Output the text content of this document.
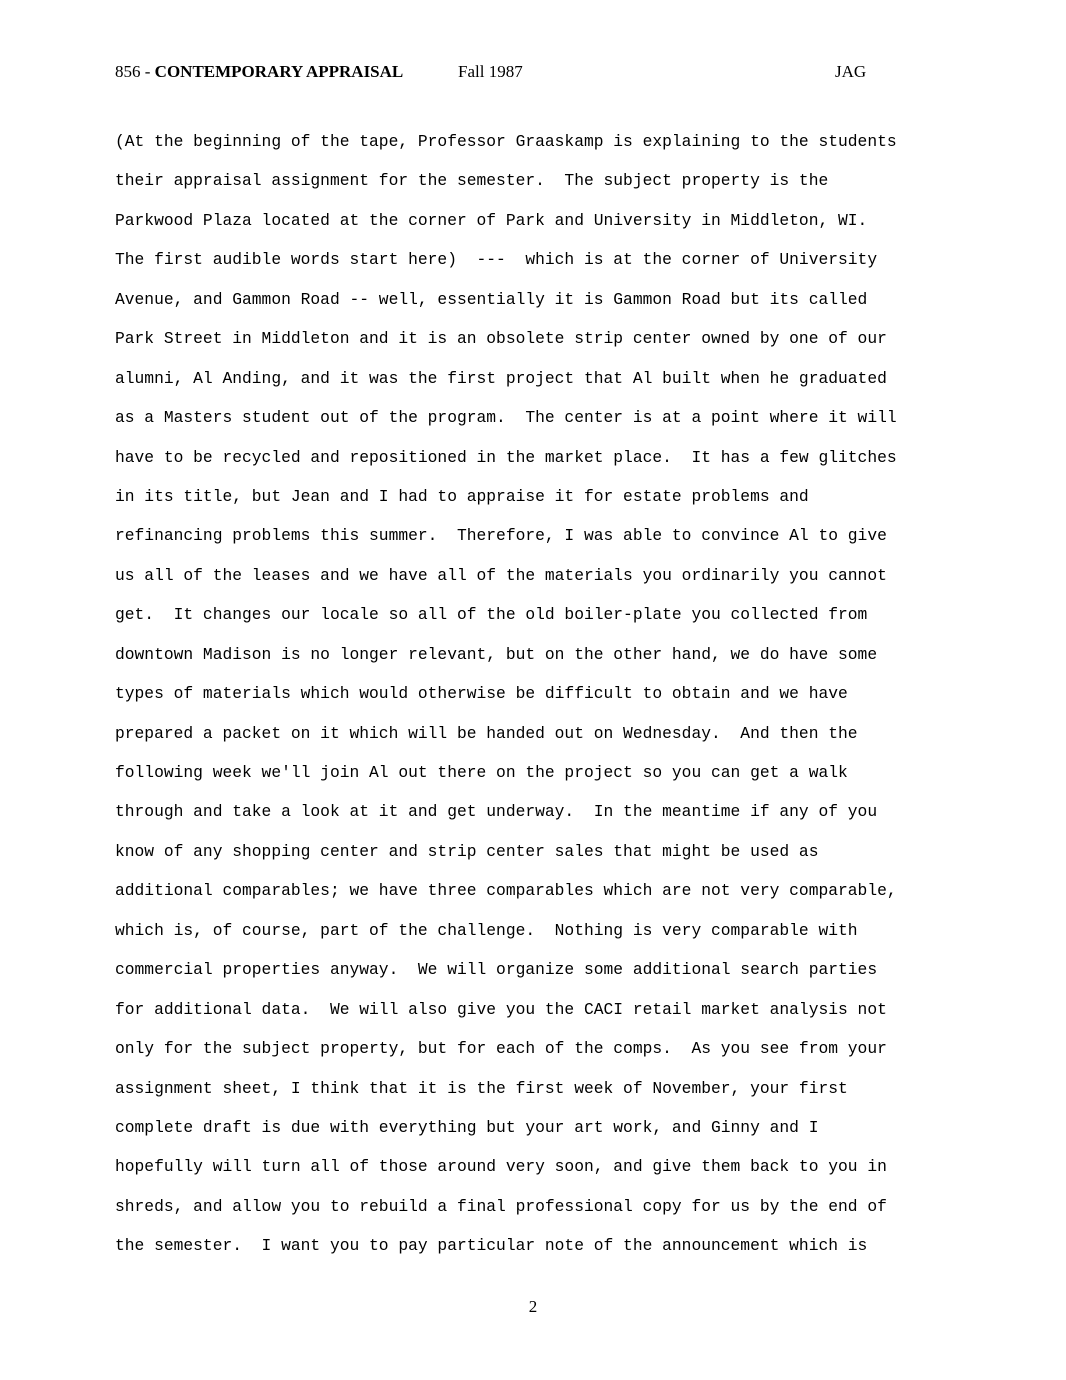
856 - CONTEMPORARY APPRAISAL	Fall 1987	JAG
(At the beginning of the tape, Professor Graaskamp is explaining to the students
their appraisal assignment for the semester.  The subject property is the
Parkwood Plaza located at the corner of Park and University in Middleton, WI.
The first audible words start here)  ---  which is at the corner of University
Avenue, and Gammon Road -- well, essentially it is Gammon Road but its called
Park Street in Middleton and it is an obsolete strip center owned by one of our
alumni, Al Anding, and it was the first project that Al built when he graduated
as a Masters student out of the program.  The center is at a point where it will
have to be recycled and repositioned in the market place.  It has a few glitches
in its title, but Jean and I had to appraise it for estate problems and
refinancing problems this summer.  Therefore, I was able to convince Al to give
us all of the leases and we have all of the materials you ordinarily you cannot
get.  It changes our locale so all of the old boiler-plate you collected from
downtown Madison is no longer relevant, but on the other hand, we do have some
types of materials which would otherwise be difficult to obtain and we have
prepared a packet on it which will be handed out on Wednesday.  And then the
following week we'll join Al out there on the project so you can get a walk
through and take a look at it and get underway.  In the meantime if any of you
know of any shopping center and strip center sales that might be used as
additional comparables; we have three comparables which are not very comparable,
which is, of course, part of the challenge.  Nothing is very comparable with
commercial properties anyway.  We will organize some additional search parties
for additional data.  We will also give you the CACI retail market analysis not
only for the subject property, but for each of the comps.  As you see from your
assignment sheet, I think that it is the first week of November, your first
complete draft is due with everything but your art work, and Ginny and I
hopefully will turn all of those around very soon, and give them back to you in
shreds, and allow you to rebuild a final professional copy for us by the end of
the semester.  I want you to pay particular note of the announcement which is
2
